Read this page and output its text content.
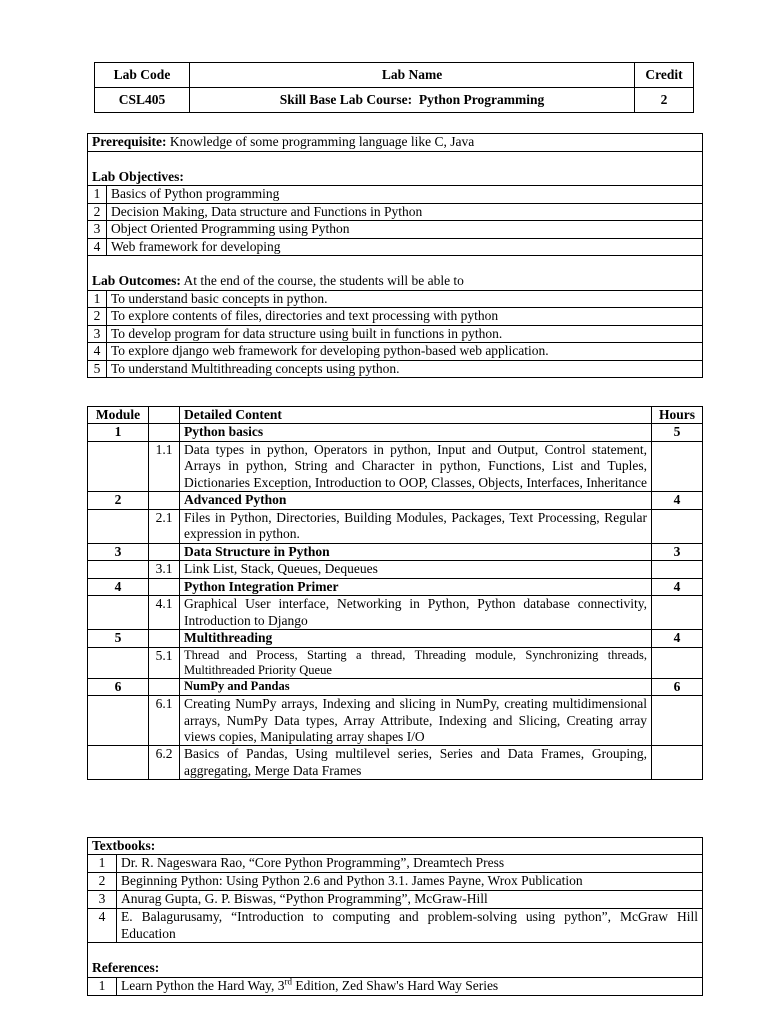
Lab Code	Lab Name	Credit
CSL405	Skill Base Lab Course:  Python Programming	2
Prerequisite: Knowledge of some programming language like C, Java	
Lab Objectives:	
1	Basics of Python programming
2	Decision Making, Data structure and Functions in Python
3	Object Oriented Programming using Python
4	Web framework for developing
Lab Outcomes: At the end of the course, the students will be able to	
1	To understand basic concepts in python.
2	To explore contents of files, directories and text processing with python
3	To develop program for data structure using built in functions in python.
4	To explore django web framework for developing python-based web application.
5	To understand Multithreading concepts using python.
Module		Detailed Content	Hours
1		Python basics	5
	1.1	Data types in python, Operators in python, Input and Output, Control statement, Arrays in python, String and Character in python, Functions, List and Tuples, Dictionaries Exception, Introduction to OOP, Classes, Objects, Interfaces, Inheritance	
2		Advanced Python	4
	2.1	Files in Python, Directories, Building Modules, Packages, Text Processing, Regular expression in python.	
3		Data Structure in Python	3
	3.1	Link List, Stack, Queues, Dequeues	
4		Python Integration Primer	4
	4.1	Graphical User interface, Networking in Python, Python database connectivity, Introduction to Django	
5		Multithreading	4
	5.1	Thread and Process, Starting a thread, Threading module, Synchronizing threads, Multithreaded Priority Queue	
6		NumPy and Pandas	6
	6.1	Creating NumPy arrays, Indexing and slicing in NumPy, creating multidimensional arrays, NumPy Data types, Array Attribute, Indexing and Slicing, Creating array views copies, Manipulating array shapes I/O	
	6.2	Basics of Pandas, Using multilevel series, Series and Data Frames, Grouping, aggregating, Merge Data Frames	
Textbooks:	
1	Dr. R. Nageswara Rao, “Core Python Programming”, Dreamtech Press
2	Beginning Python: Using Python 2.6 and Python 3.1. James Payne, Wrox Publication
3	Anurag Gupta, G. P. Biswas, “Python Programming”, McGraw-Hill
4	E. Balagurusamy, “Introduction to computing and problem-solving using python”, McGraw Hill Education
References:	
1	Learn Python the Hard Way, 3rd Edition, Zed Shaw's Hard Way Series
